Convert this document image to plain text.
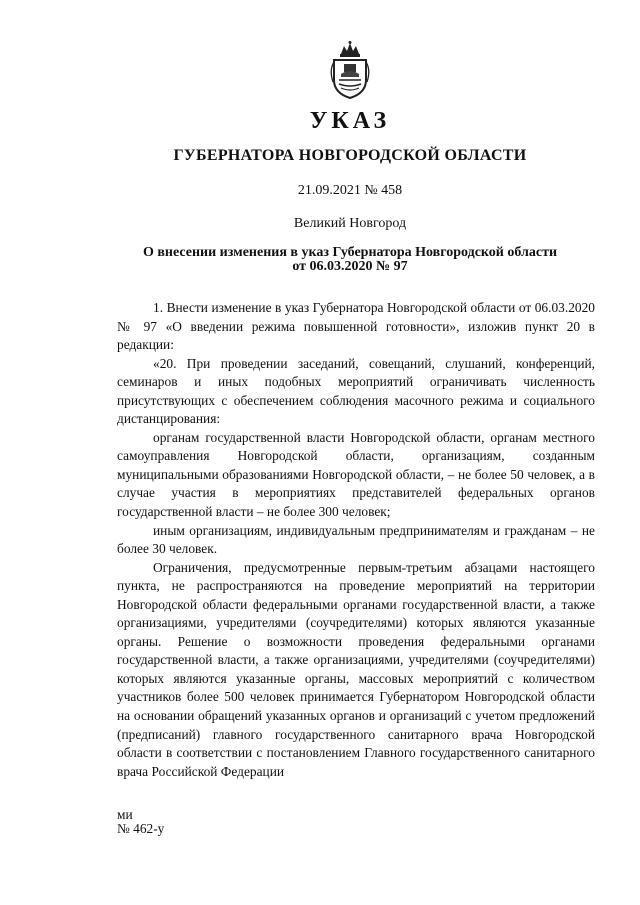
УКАЗ
ГУБЕРНАТОРА НОВГОРОДСКОЙ ОБЛАСТИ
21.09.2021 № 458
Великий Новгород
О внесении изменения в указ Губернатора Новгородской области
от 06.03.2020 № 97

1. Внести изменение в указ Губернатора Новгородской области от 06.03.2020 № 97 «О введении режима повышенной готовности», изложив пункт 20 в редакции:

«20. При проведении заседаний, совещаний, слушаний, конференций, семинаров и иных подобных мероприятий ограничивать численность присутствующих с обеспечением соблюдения масочного режима и социального дистанцирования:

органам государственной власти Новгородской области, органам местного самоуправления Новгородской области, организациям, созданным муниципальными образованиями Новгородской области, – не более 50 человек, а в случае участия в мероприятиях представителей федеральных органов государственной власти – не более 300 человек;

иным организациям, индивидуальным предпринимателям и гражданам – не более 30 человек.

Ограничения, предусмотренные первым-третьим абзацами настоящего пункта, не распространяются на проведение мероприятий на территории Новгородской области федеральными органами государственной власти, а также организациями, учредителями (соучредителями) которых являются указанные органы. Решение о возможности проведения федеральными органами государственной власти, а также организациями, учредителями (соучредителями) которых являются указанные органы, массовых мероприятий с количеством участников более 500 человек принимается Губернатором Новгородской области на основании обращений указанных органов и организаций с учетом предложений (предписаний) главного государственного санитарного врача Новгородской области в соответствии с постановлением Главного государственного санитарного врача Российской Федерации

ми
№ 462-у
